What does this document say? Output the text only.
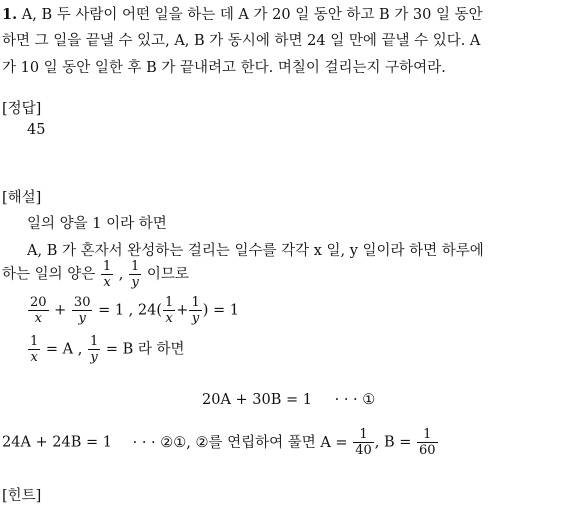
1. A, B 두 사람이 어떤 일을 하는 데 A 가 20 일 동안 하고 B 가 30 일 동안
하면 그 일을 끝낼 수 있고, A, B 가 동시에 하면 24 일 만에 끝낼 수 있다. A
가 10 일 동안 일한 후 B 가 끝내려고 한다. 며칠이 걸리는지 구하여라.
[정답]
45
[해설]
일의 양을 1 이라 하면
A, B 가 혼자서 완성하는 걸리는 일수를 각각 x 일, y 일이라 하면 하루에
하는 일의 양은 $\frac{1}{x}$ , $\frac{1}{y}$ 이므로
$\frac{20}{x} + \frac{30}{y} = 1$ , $24( \frac{1}{x} + \frac{1}{y}$ ) = 1
$\frac{1}{x} = A$ , $\frac{1}{y} = B$ 라 하면
20A + 30B = 1 · · · ①
24A + 24B = 1 · · · ②①, ②를 연립하여 풀면 $A = \frac{1}{40}$ , $B = \frac{1}{60}$
[힌트]
